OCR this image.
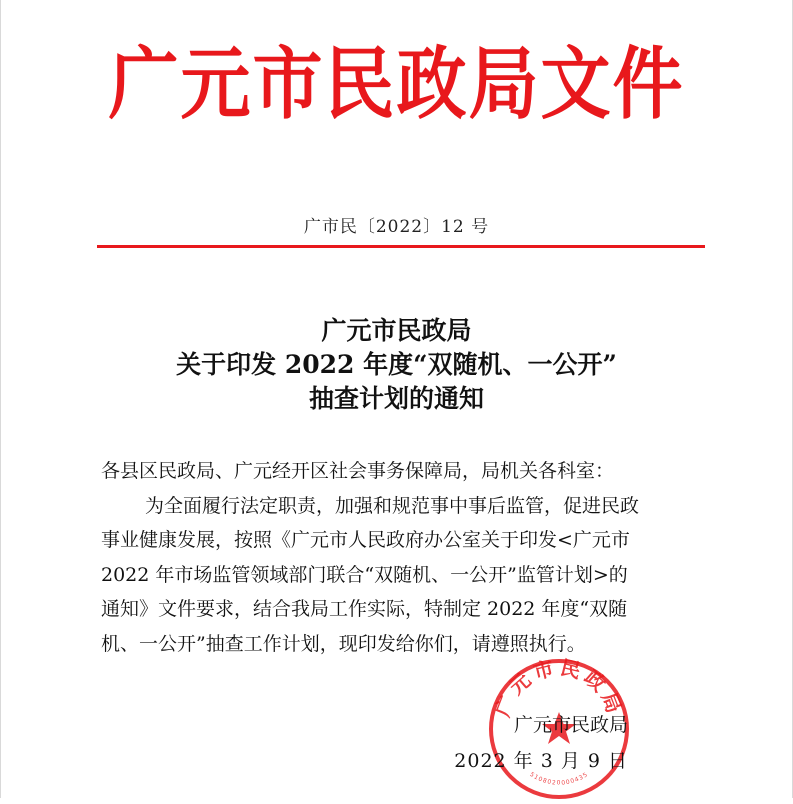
广元市民政局文件
广市民〔2022〕12 号
广元市民政局
关于印发 2022 年度“双随机、一公开”
抽查计划的通知
各县区民政局、广元经开区社会事务保障局，局机关各科室：
为全面履行法定职责，加强和规范事中事后监管，促进民政
事业健康发展，按照《广元市人民政府办公室关于印发<广元市
2022 年市场监管领域部门联合“双随机、一公开”监管计划>的
通知》文件要求，结合我局工作实际，特制定 2022 年度“双随
机、一公开”抽查工作计划，现印发给你们，请遵照执行。
广元市民政局
5108020000435
广元市民政局
2022 年 3 月 9 日
